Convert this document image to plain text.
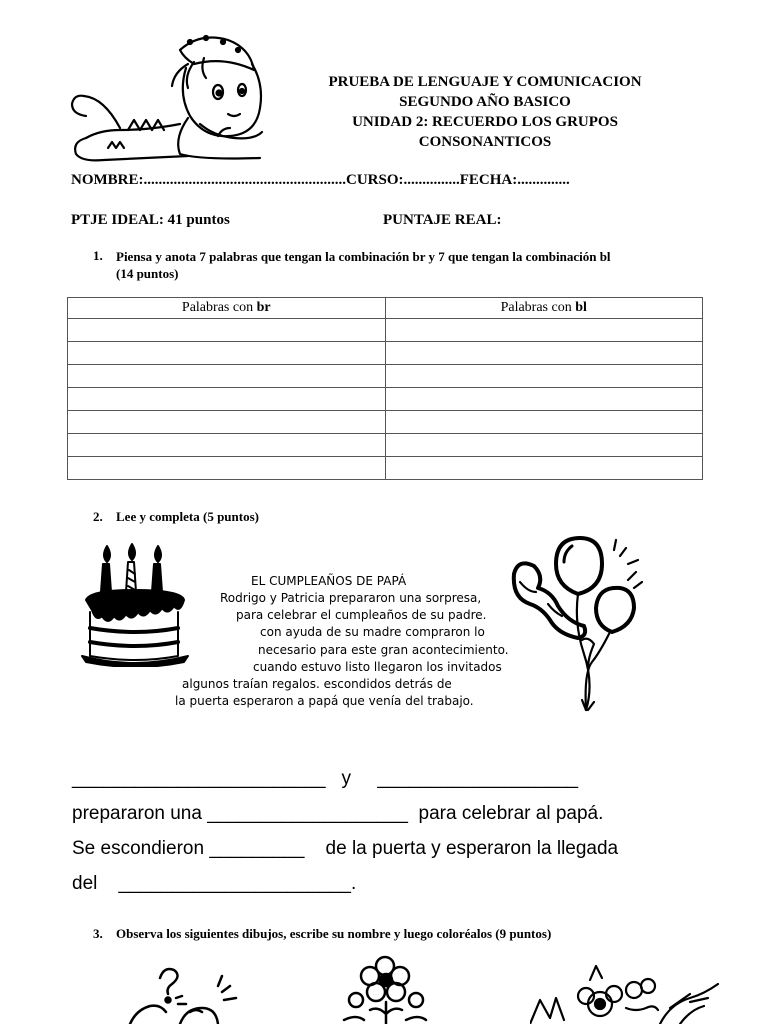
PRUEBA DE LENGUAJE Y COMUNICACION
SEGUNDO AÑO BASICO
UNIDAD 2: RECUERDO LOS GRUPOS
CONSONANTICOS
NOMBRE:......................................................CURSO:...............FECHA:..............
PTJE IDEAL: 41 puntos	PUNTAJE REAL:
1. Piensa y anota 7 palabras que tengan la combinación br y 7 que tengan la combinación bl
(14 puntos)
Palabras con br	Palabras con bl

2. Lee y completa (5 puntos)
EL CUMPLEAÑOS DE PAPÁ
Rodrigo y Patricia prepararon una sorpresa,
para celebrar el cumpleaños de su padre.
con ayuda de su madre compraron lo
necesario para este gran acontecimiento.
cuando estuvo listo llegaron los invitados
algunos traían regalos. escondidos detrás de
la puerta esperaron a papá que venía del trabajo.
________________________   y     ___________________
prepararon una ___________________  para celebrar al papá.
Se escondieron _________    de la puerta y esperaron la llegada
del    ______________________.
3. Observa los siguientes dibujos, escribe su nombre y luego coloréalos (9 puntos)
